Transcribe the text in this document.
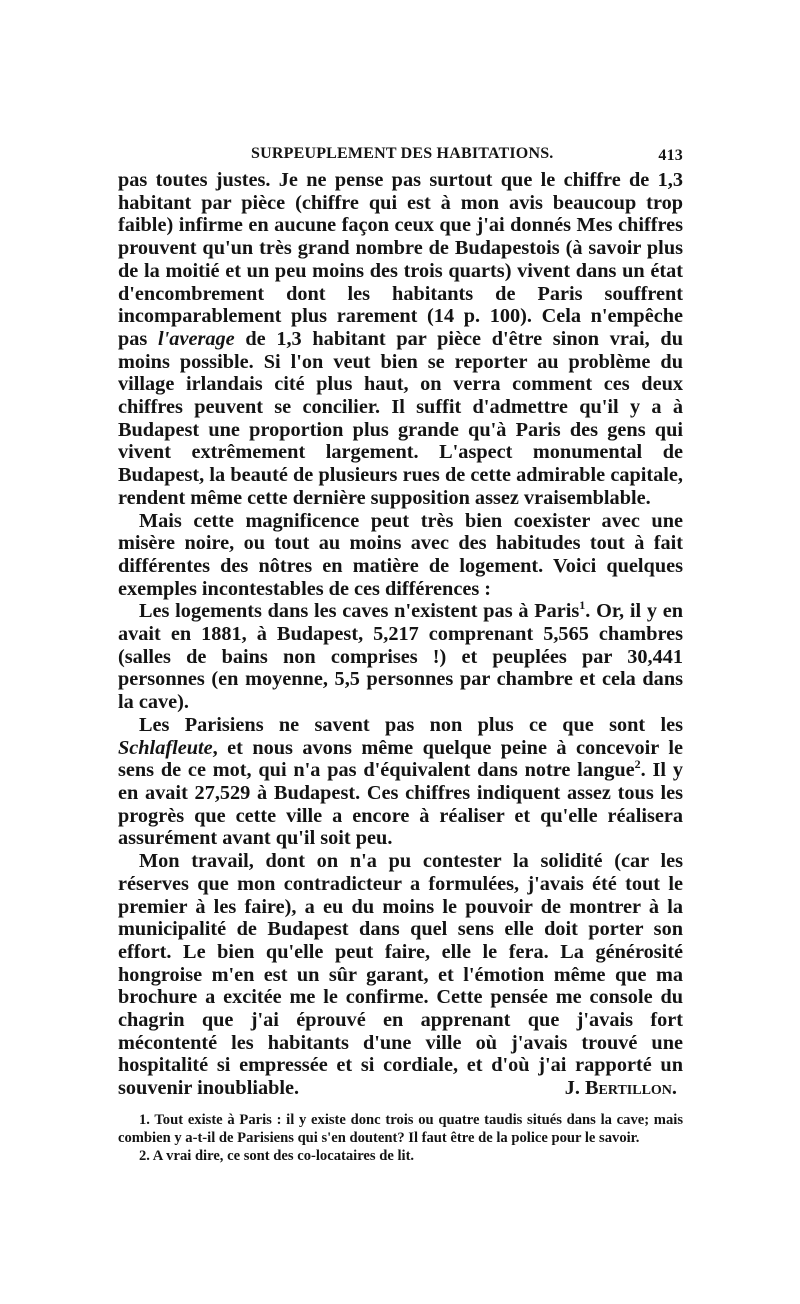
SURPEUPLEMENT DES HABITATIONS.	413

pas toutes justes. Je ne pense pas surtout que le chiffre de 1,3 habitant par pièce (chiffre qui est à mon avis beaucoup trop faible) infirme en aucune façon ceux que j'ai donnés Mes chiffres prouvent qu'un très grand nombre de Budapestois (à savoir plus de la moitié et un peu moins des trois quarts) vivent dans un état d'encombrement dont les habitants de Paris souffrent incomparablement plus rarement (14 p. 100). Cela n'empêche pas l'average de 1,3 habitant par pièce d'être sinon vrai, du moins possible. Si l'on veut bien se reporter au problème du village irlandais cité plus haut, on verra comment ces deux chiffres peuvent se concilier. Il suffit d'admettre qu'il y a à Budapest une proportion plus grande qu'à Paris des gens qui vivent extrêmement largement. L'aspect monumental de Budapest, la beauté de plusieurs rues de cette admirable capitale, rendent même cette dernière supposition assez vraisemblable.

Mais cette magnificence peut très bien coexister avec une misère noire, ou tout au moins avec des habitudes tout à fait différentes des nôtres en matière de logement. Voici quelques exemples incontestables de ces différences :

Les logements dans les caves n'existent pas à Paris$^1$. Or, il y en avait en 1881, à Budapest, 5,217 comprenant 5,565 chambres (salles de bains non comprises !) et peuplées par 30,441 personnes (en moyenne, 5,5 personnes par chambre et cela dans la cave).

Les Parisiens ne savent pas non plus ce que sont les Schlafleute, et nous avons même quelque peine à concevoir le sens de ce mot, qui n'a pas d'équivalent dans notre langue$^2$. Il y en avait 27,529 à Budapest. Ces chiffres indiquent assez tous les progrès que cette ville a encore à réaliser et qu'elle réalisera assurément avant qu'il soit peu.

Mon travail, dont on n'a pu contester la solidité (car les réserves que mon contradicteur a formulées, j'avais été tout le premier à les faire), a eu du moins le pouvoir de montrer à la municipalité de Budapest dans quel sens elle doit porter son effort. Le bien qu'elle peut faire, elle le fera. La générosité hongroise m'en est un sûr garant, et l'émotion même que ma brochure a excitée me le confirme. Cette pensée me console du chagrin que j'ai éprouvé en apprenant que j'avais fort mécontenté les habitants d'une ville où j'avais trouvé une hospitalité si empressée et si cordiale, et d'où j'ai rapporté un souvenir inoubliable.	J. Bertillon.

1. Tout existe à Paris : il y existe donc trois ou quatre taudis situés dans la cave; mais combien y a-t-il de Parisiens qui s'en doutent? Il faut être de la police pour le savoir.

2. A vrai dire, ce sont des co-locataires de lit.
